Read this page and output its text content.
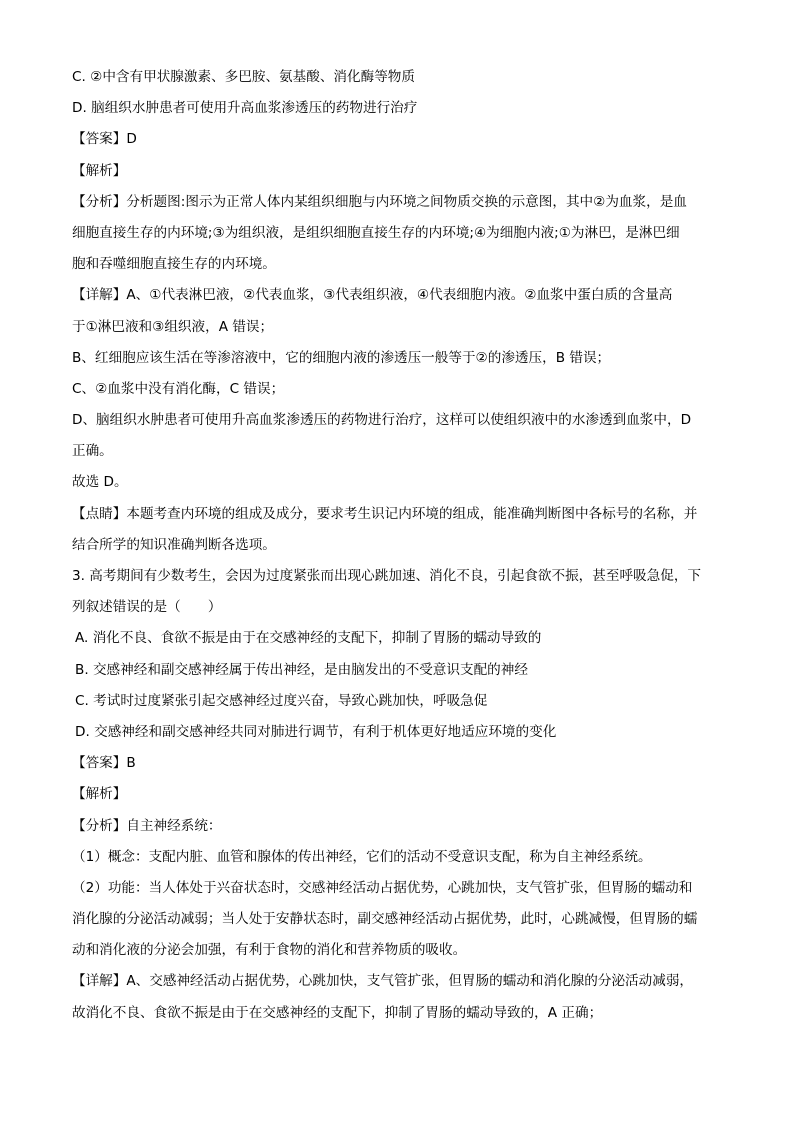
C. ②中含有甲状腺激素、多巴胺、氨基酸、消化酶等物质
D. 脑组织水肿患者可使用升高血浆渗透压的药物进行治疗
【答案】D
【解析】
【分析】分析题图:图示为正常人体内某组织细胞与内环境之间物质交换的示意图，其中②为血浆，是血
细胞直接生存的内环境;③为组织液，是组织细胞直接生存的内环境;④为细胞内液;①为淋巴，是淋巴细
胞和吞噬细胞直接生存的内环境。
【详解】A、①代表淋巴液，②代表血浆，③代表组织液，④代表细胞内液。②血浆中蛋白质的含量高
于①淋巴液和③组织液，A 错误；
B、红细胞应该生活在等渗溶液中，它的细胞内液的渗透压一般等于②的渗透压，B 错误；
C、②血浆中没有消化酶，C 错误；
D、脑组织水肿患者可使用升高血浆渗透压的药物进行治疗，这样可以使组织液中的水渗透到血浆中，D
正确。
故选 D。
【点睛】本题考查内环境的组成及成分，要求考生识记内环境的组成，能准确判断图中各标号的名称，并
结合所学的知识准确判断各选项。
3. 高考期间有少数考生，会因为过度紧张而出现心跳加速、消化不良，引起食欲不振，甚至呼吸急促，下
列叙述错误的是（　　）
A. 消化不良、食欲不振是由于在交感神经的支配下，抑制了胃肠的蠕动导致的
B. 交感神经和副交感神经属于传出神经，是由脑发出的不受意识支配的神经
C. 考试时过度紧张引起交感神经过度兴奋，导致心跳加快，呼吸急促
D. 交感神经和副交感神经共同对肺进行调节，有利于机体更好地适应环境的变化
【答案】B
【解析】
【分析】自主神经系统：
（1）概念：支配内脏、血管和腺体的传出神经，它们的活动不受意识支配，称为自主神经系统。
（2）功能：当人体处于兴奋状态时，交感神经活动占据优势，心跳加快，支气管扩张，但胃肠的蠕动和
消化腺的分泌活动减弱；当人处于安静状态时，副交感神经活动占据优势，此时，心跳减慢，但胃肠的蠕
动和消化液的分泌会加强，有利于食物的消化和营养物质的吸收。
【详解】A、交感神经活动占据优势，心跳加快，支气管扩张，但胃肠的蠕动和消化腺的分泌活动减弱，
故消化不良、食欲不振是由于在交感神经的支配下，抑制了胃肠的蠕动导致的，A 正确；
